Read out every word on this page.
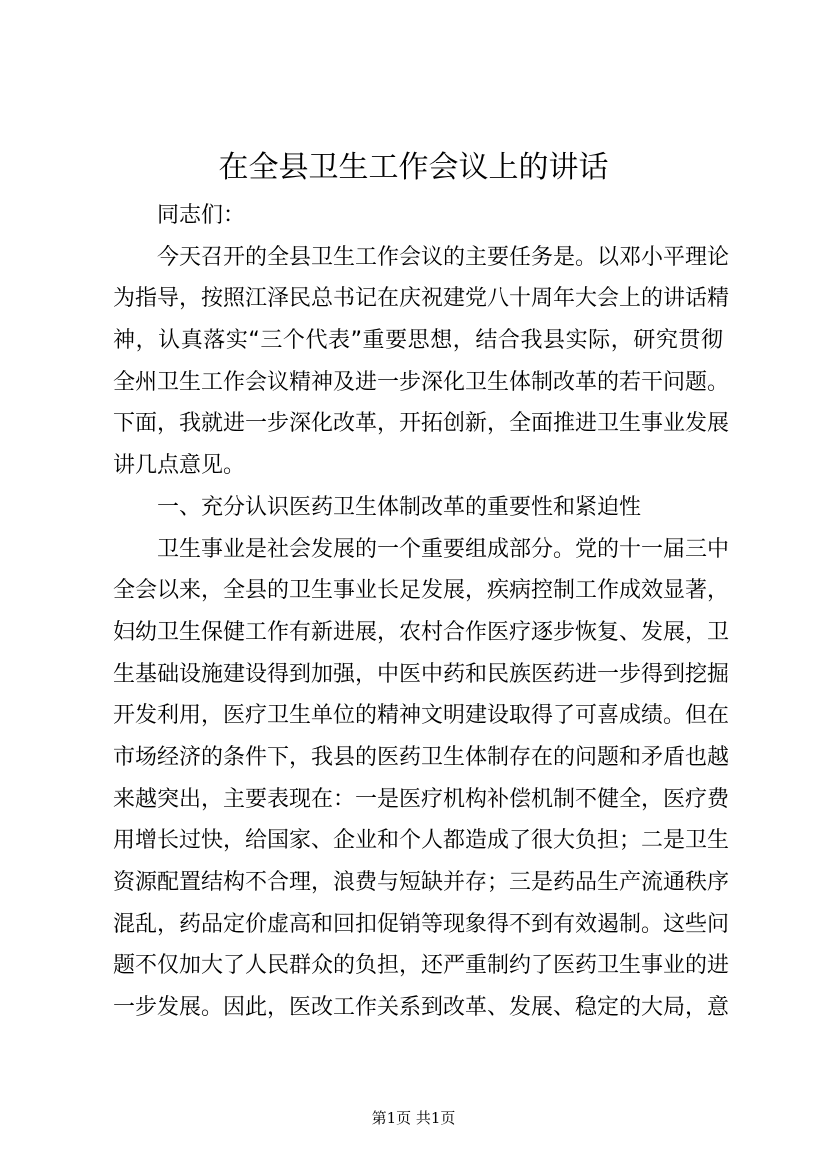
在全县卫生工作会议上的讲话
同志们：
今天召开的全县卫生工作会议的主要任务是。以邓小平理论
为指导，按照江泽民总书记在庆祝建党八十周年大会上的讲话精
神，认真落实“三个代表”重要思想，结合我县实际，研究贯彻
全州卫生工作会议精神及进一步深化卫生体制改革的若干问题。
下面，我就进一步深化改革，开拓创新，全面推进卫生事业发展
讲几点意见。
一、充分认识医药卫生体制改革的重要性和紧迫性
卫生事业是社会发展的一个重要组成部分。党的十一届三中
全会以来，全县的卫生事业长足发展，疾病控制工作成效显著，
妇幼卫生保健工作有新进展，农村合作医疗逐步恢复、发展，卫
生基础设施建设得到加强，中医中药和民族医药进一步得到挖掘
开发利用，医疗卫生单位的精神文明建设取得了可喜成绩。但在
市场经济的条件下，我县的医药卫生体制存在的问题和矛盾也越
来越突出，主要表现在：一是医疗机构补偿机制不健全，医疗费
用增长过快，给国家、企业和个人都造成了很大负担；二是卫生
资源配置结构不合理，浪费与短缺并存；三是药品生产流通秩序
混乱，药品定价虚高和回扣促销等现象得不到有效遏制。这些问
题不仅加大了人民群众的负担，还严重制约了医药卫生事业的进
一步发展。因此，医改工作关系到改革、发展、稳定的大局，意
第1页 共1页
